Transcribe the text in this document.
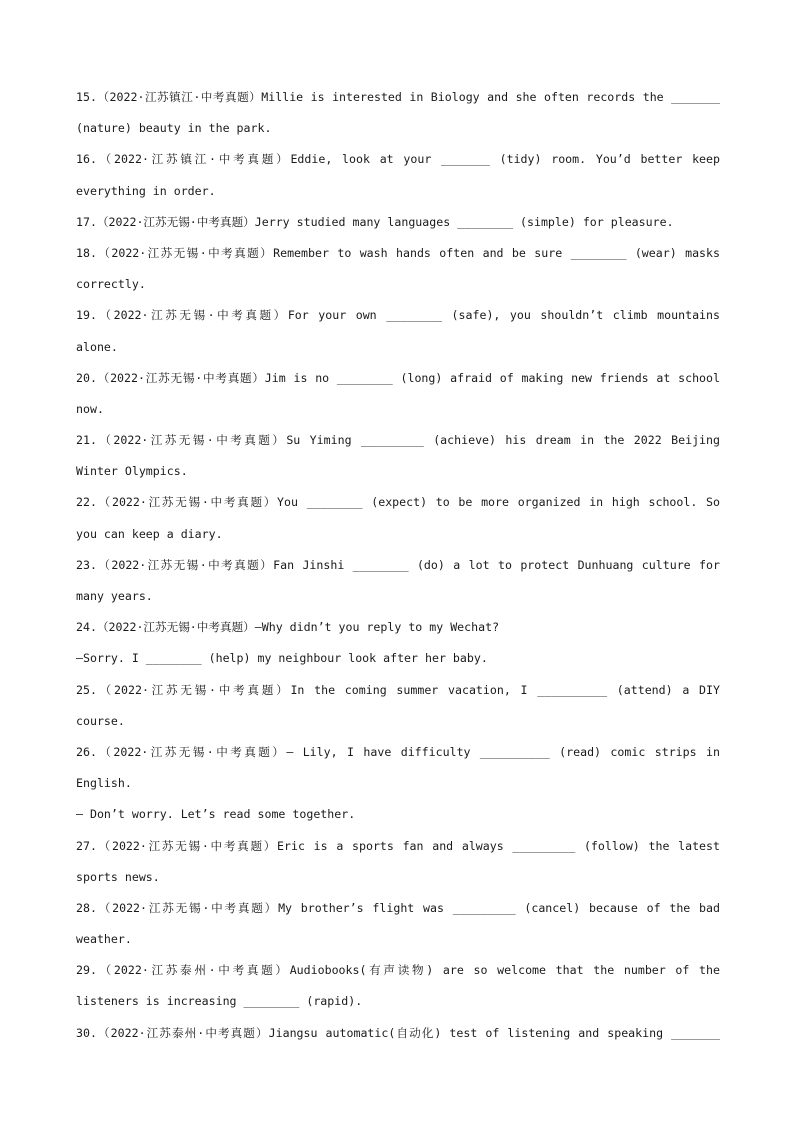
15.（2022·江苏镇江·中考真题）Millie is interested in Biology and she often records the _______
(nature) beauty in the park.
16.（2022·江苏镇江·中考真题）Eddie, look at your _______ (tidy) room. You’d better keep
everything in order.
17.（2022·江苏无锡·中考真题）Jerry studied many languages ________ (simple) for pleasure.
18.（2022·江苏无锡·中考真题）Remember to wash hands often and be sure ________ (wear) masks
correctly.
19.（2022·江苏无锡·中考真题）For your own ________ (safe), you shouldn’t climb mountains
alone.
20.（2022·江苏无锡·中考真题）Jim is no ________ (long) afraid of making new friends at school
now.
21.（2022·江苏无锡·中考真题）Su Yiming _________ (achieve) his dream in the 2022 Beijing
Winter Olympics.
22.（2022·江苏无锡·中考真题）You ________ (expect) to be more organized in high school. So
you can keep a diary.
23.（2022·江苏无锡·中考真题）Fan Jinshi ________ (do) a lot to protect Dunhuang culture for
many years.
24.（2022·江苏无锡·中考真题）—Why didn’t you reply to my Wechat?
—Sorry. I ________ (help) my neighbour look after her baby.
25.（2022·江苏无锡·中考真题）In the coming summer vacation, I __________ (attend) a DIY
course.
26.（2022·江苏无锡·中考真题）— Lily, I have difficulty __________ (read) comic strips in
English.
— Don’t worry. Let’s read some together.
27.（2022·江苏无锡·中考真题）Eric is a sports fan and always _________ (follow) the latest
sports news.
28.（2022·江苏无锡·中考真题）My brother’s flight was _________ (cancel) because of the bad
weather.
29.（2022·江苏泰州·中考真题）Audiobooks(有声读物) are so welcome that the number of the
listeners is increasing ________ (rapid).
30.（2022·江苏泰州·中考真题）Jiangsu automatic(自动化) test of listening and speaking _______
